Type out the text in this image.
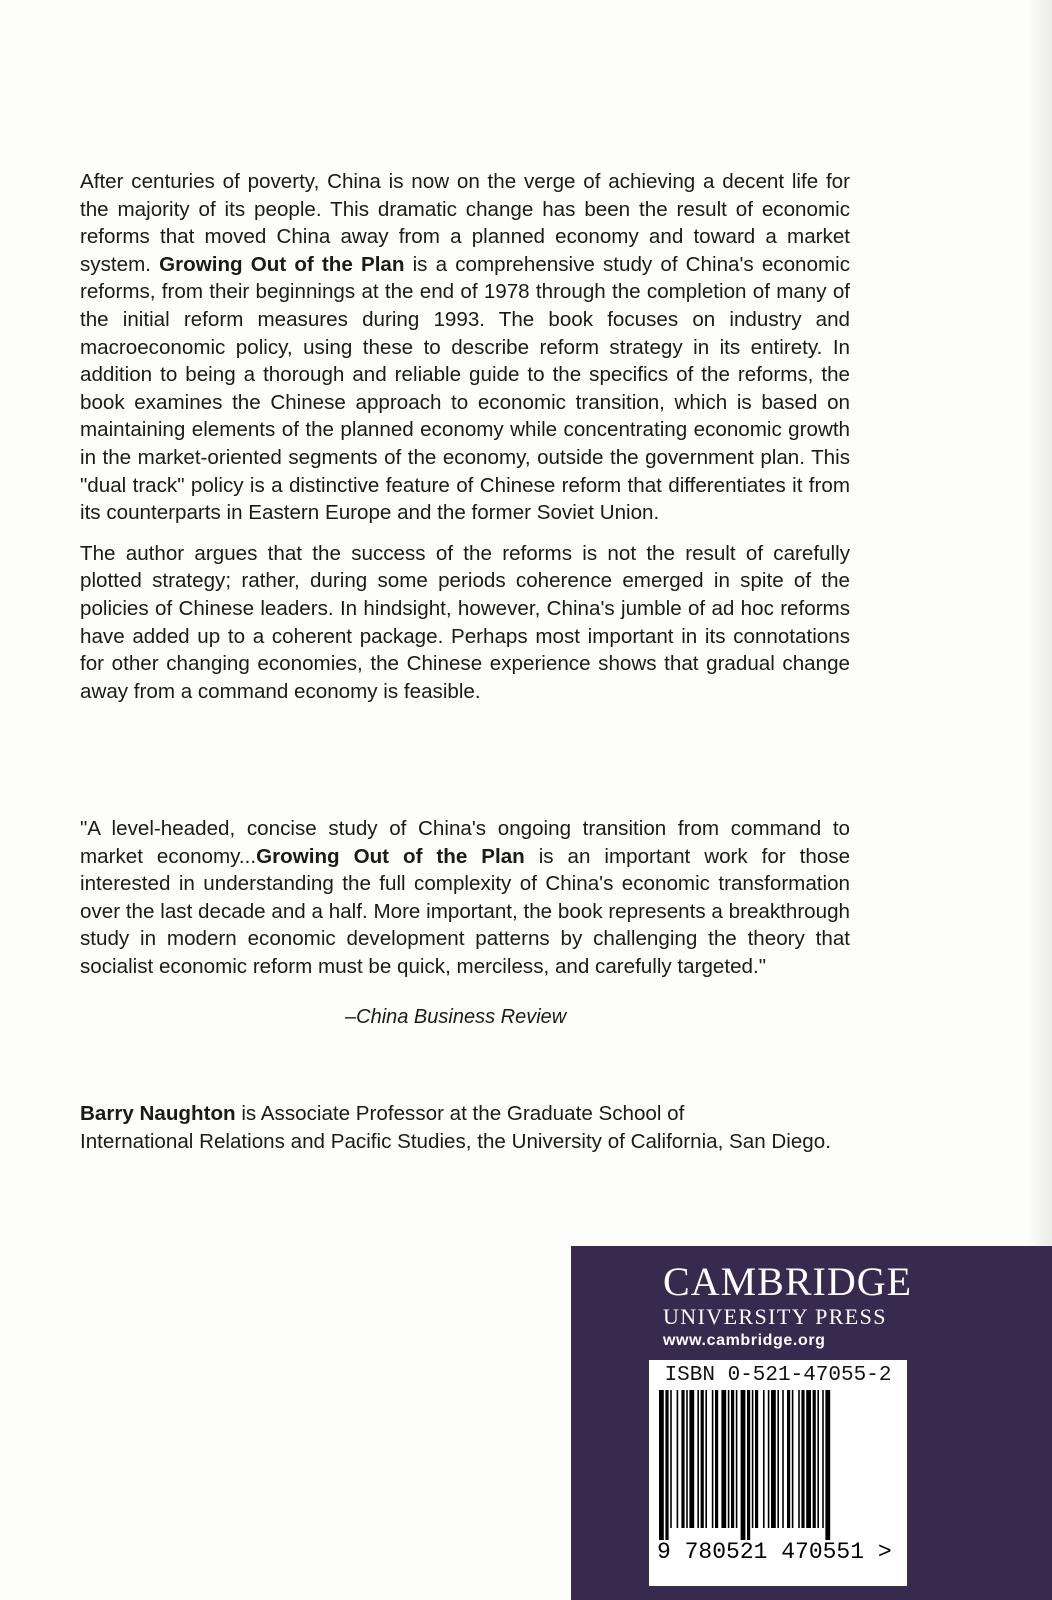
After centuries of poverty, China is now on the verge of achieving a decent life for the majority of its people. This dramatic change has been the result of economic reforms that moved China away from a planned economy and toward a market system. Growing Out of the Plan is a comprehensive study of China's economic reforms, from their beginnings at the end of 1978 through the completion of many of the initial reform measures during 1993. The book focuses on industry and macroeconomic policy, using these to describe reform strategy in its entirety. In addition to being a thorough and reliable guide to the specifics of the reforms, the book examines the Chinese approach to economic transition, which is based on maintaining elements of the planned economy while concentrating economic growth in the market-oriented segments of the economy, outside the government plan. This "dual track" policy is a distinctive feature of Chinese reform that differentiates it from its counterparts in Eastern Europe and the former Soviet Union.

The author argues that the success of the reforms is not the result of carefully plotted strategy; rather, during some periods coherence emerged in spite of the policies of Chinese leaders. In hindsight, however, China's jumble of ad hoc reforms have added up to a coherent package. Perhaps most important in its connotations for other changing economies, the Chinese experience shows that gradual change away from a command economy is feasible.

"A level-headed, concise study of China's ongoing transition from command to market economy...Growing Out of the Plan is an important work for those interested in understanding the full complexity of China's economic transformation over the last decade and a half. More important, the book represents a breakthrough study in modern economic development patterns by challenging the theory that socialist economic reform must be quick, merciless, and carefully targeted."

–China Business Review

Barry Naughton is Associate Professor at the Graduate School of

International Relations and Pacific Studies, the University of California, San Diego.

CAMBRIDGE
UNIVERSITY PRESS
www.cambridge.org
ISBN 0-521-47055-2
9 780521 470551 >
